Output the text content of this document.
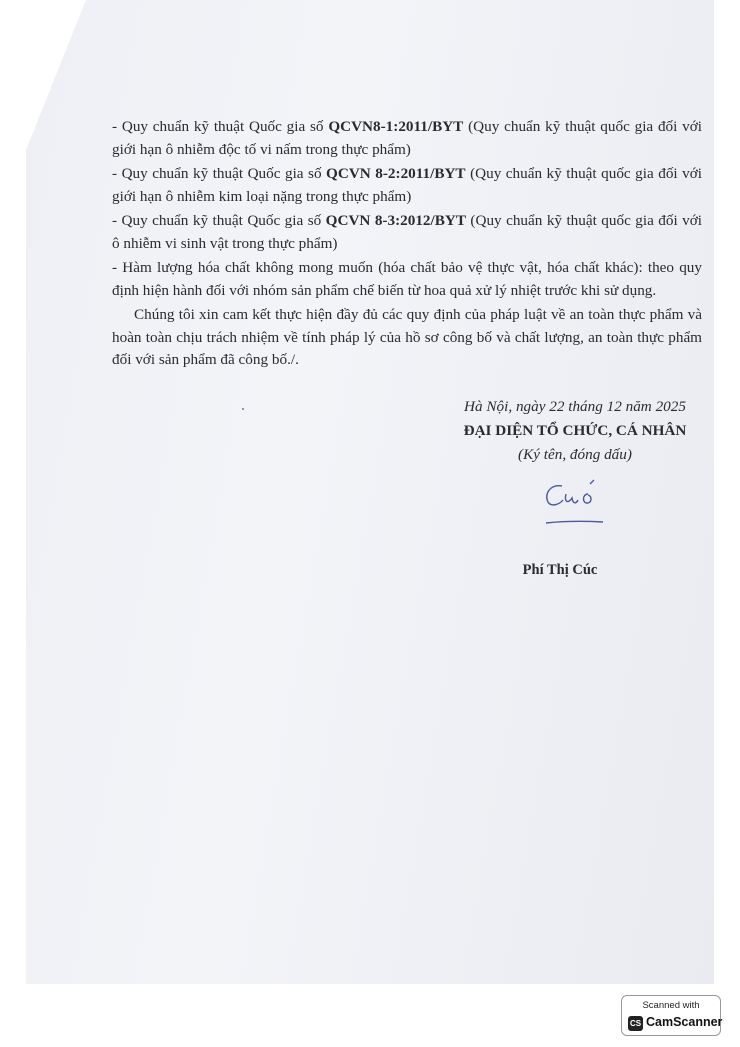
- Quy chuẩn kỹ thuật Quốc gia số QCVN8-1:2011/BYT (Quy chuẩn kỹ thuật quốc gia đối với giới hạn ô nhiễm độc tố vi nấm trong thực phẩm)

- Quy chuẩn kỹ thuật Quốc gia số QCVN 8-2:2011/BYT (Quy chuẩn kỹ thuật quốc gia đối với giới hạn ô nhiễm kim loại nặng trong thực phẩm)

- Quy chuẩn kỹ thuật Quốc gia số QCVN 8-3:2012/BYT (Quy chuẩn kỹ thuật quốc gia đối với ô nhiễm vi sinh vật trong thực phẩm)

- Hàm lượng hóa chất không mong muốn (hóa chất bảo vệ thực vật, hóa chất khác): theo quy định hiện hành đối với nhóm sản phẩm chế biến từ hoa quả xử lý nhiệt trước khi sử dụng.

Chúng tôi xin cam kết thực hiện đầy đủ các quy định của pháp luật về an toàn thực phẩm và hoàn toàn chịu trách nhiệm về tính pháp lý của hồ sơ công bố và chất lượng, an toàn thực phẩm đối với sản phẩm đã công bố./.

Hà Nội, ngày 22 tháng 12 năm 2025
ĐẠI DIỆN TỔ CHỨC, CÁ NHÂN
(Ký tên, đóng dấu)
Phí Thị Cúc
Scanned with
CS CamScanner
